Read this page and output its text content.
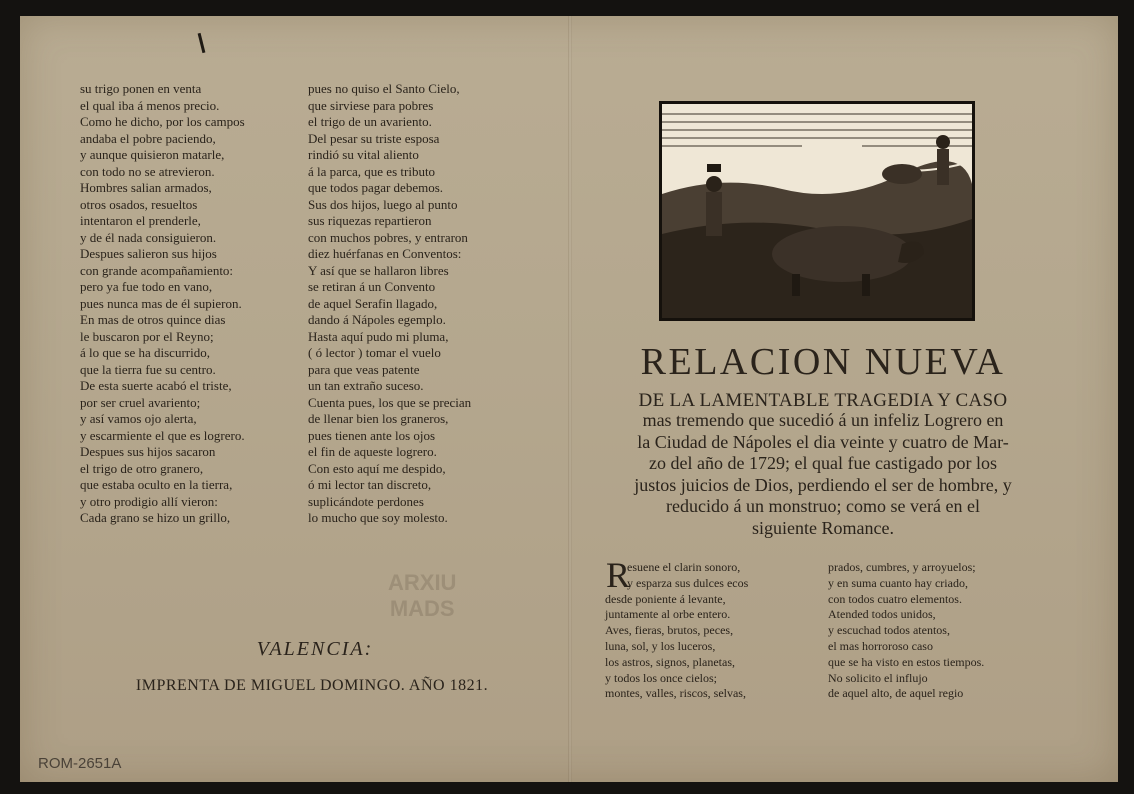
su trigo ponen en venta
el qual iba á menos precio.
Como he dicho, por los campos
andaba el pobre paciendo,
y aunque quisieron matarle,
con todo no se atrevieron.
Hombres salian armados,
otros osados, resueltos
intentaron el prenderle,
y de él nada consiguieron.
Despues salieron sus hijos
con grande acompañamiento:
pero ya fue todo en vano,
pues nunca mas de él supieron.
En mas de otros quince dias
le buscaron por el Reyno;
á lo que se ha discurrido,
que la tierra fue su centro.
De esta suerte acabó el triste,
por ser cruel avariento;
y así vamos ojo alerta,
y escarmiente el que es logrero.
Despues sus hijos sacaron
el trigo de otro granero,
que estaba oculto en la tierra,
y otro prodigio allí vieron:
Cada grano se hizo un grillo,
pues no quiso el Santo Cielo,
que sirviese para pobres
el trigo de un avariento.
Del pesar su triste esposa
rindió su vital aliento
á la parca, que es tributo
que todos pagar debemos.
Sus dos hijos, luego al punto
sus riquezas repartieron
con muchos pobres, y entraron
diez huérfanas en Conventos:
Y así que se hallaron libres
se retiran á un Convento
de aquel Serafin llagado,
dando á Nápoles egemplo.
Hasta aquí pudo mi pluma,
( ó lector ) tomar el vuelo
para que veas patente
un tan extraño suceso.
Cuenta pues, los que se precian
de llenar bien los graneros,
pues tienen ante los ojos
el fin de aqueste logrero.
Con esto aquí me despido,
ó mi lector tan discreto,
suplicándote perdones
lo mucho que soy molesto.
VALENCIA:
IMPRENTA DE MIGUEL DOMINGO. AÑO 1821.
ARXIU
MADS
ROM-2651A
RELACION NUEVA
DE LA LAMENTABLE TRAGEDIA Y CASO
mas tremendo que sucedió á un infeliz Logrero en
la Ciudad de Nápoles el dia veinte y cuatro de Mar-
zo del año de 1729; el qual fue castigado por los
justos juicios de Dios, perdiendo el ser de hombre, y
reducido á un monstruo; como se verá en el
siguiente Romance.
R
esuene el clarin sonoro,
y esparza sus dulces ecos
desde poniente á levante,
juntamente al orbe entero.
Aves, fieras, brutos, peces,
luna, sol, y los luceros,
los astros, signos, planetas,
y todos los once cielos;
montes, valles, riscos, selvas,
prados, cumbres, y arroyuelos;
y en suma cuanto hay criado,
con todos cuatro elementos.
Atended todos unidos,
y escuchad todos atentos,
el mas horroroso caso
que se ha visto en estos tiempos.
No solicito el influjo
de aquel alto, de aquel regio
